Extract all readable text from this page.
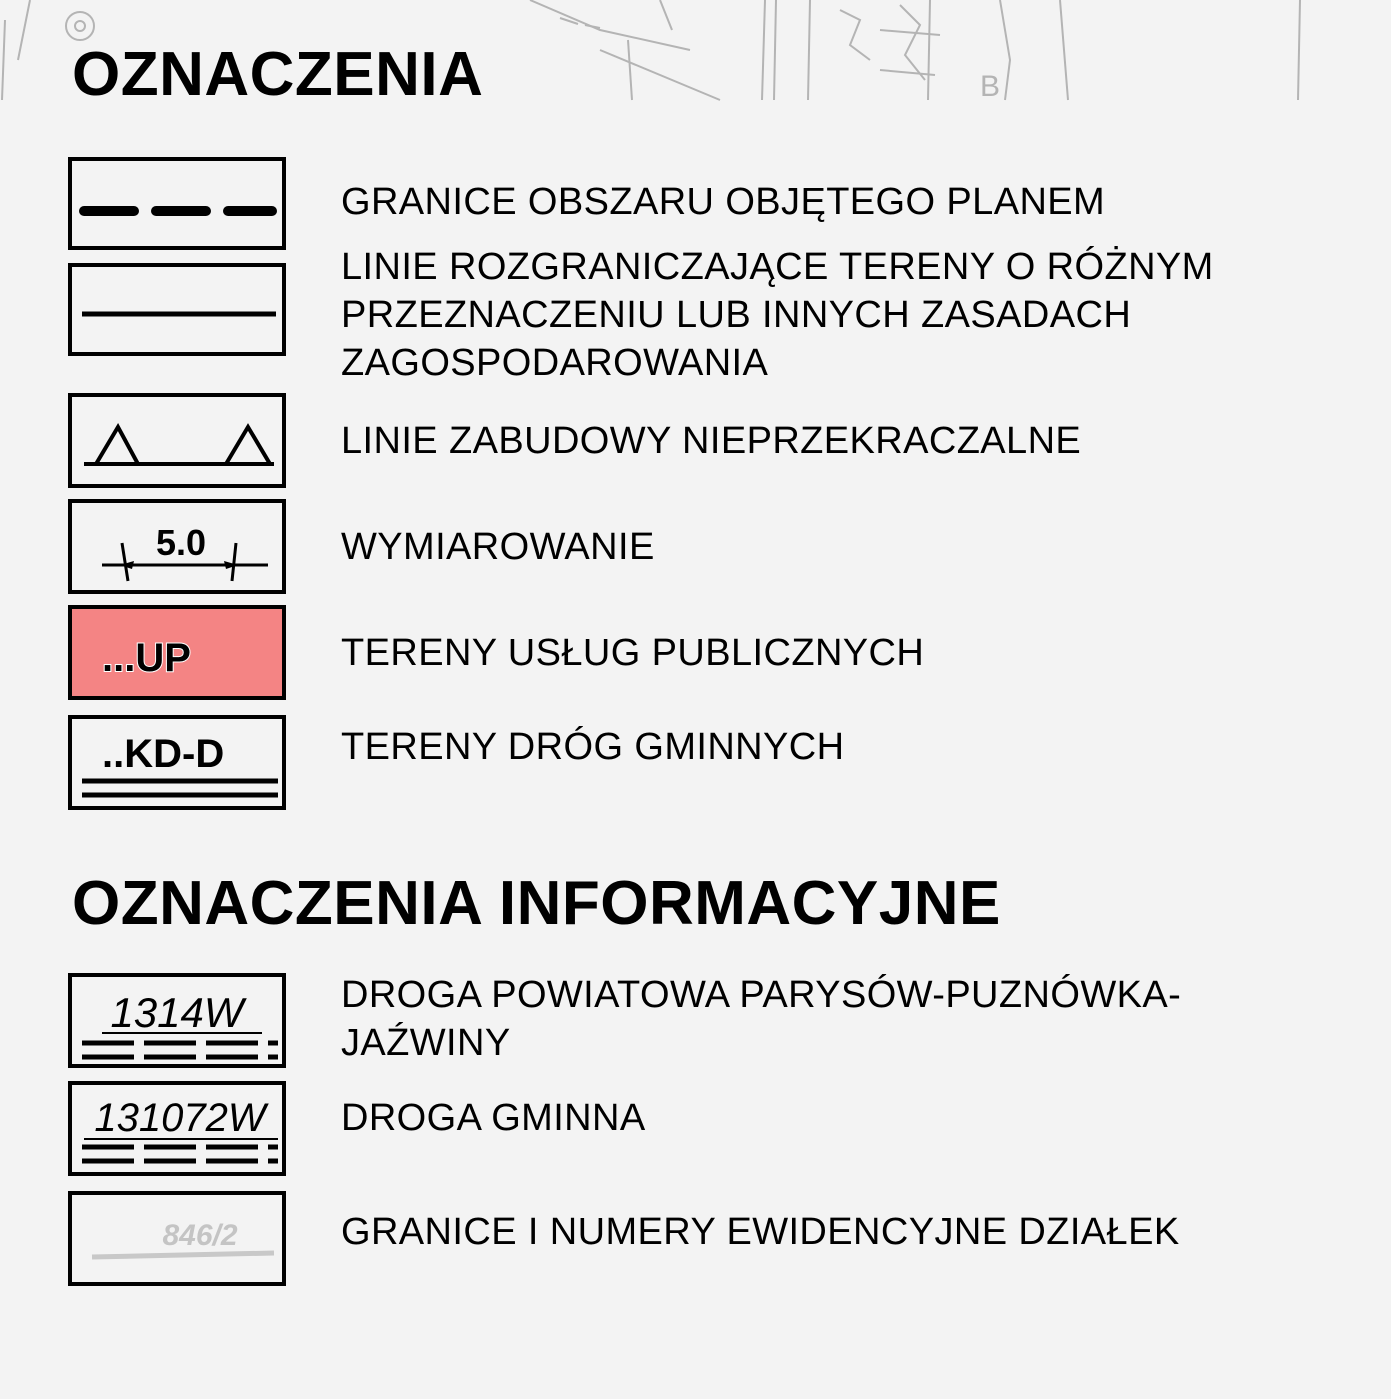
B
OZNACZENIA
GRANICE OBSZARU OBJĘTEGO PLANEM
LINIE ROZGRANICZAJĄCE TERENY O RÓŻNYM PRZEZNACZENIU LUB INNYCH ZASADACH ZAGOSPODAROWANIA
LINIE ZABUDOWY NIEPRZEKRACZALNE
5.0	WYMIAROWANIE
...UP	TERENY USŁUG PUBLICZNYCH
..KD-D	TERENY DRÓG GMINNYCH
OZNACZENIA INFORMACYJNE
1314W	DROGA POWIATOWA PARYSÓW-PUZNÓWKA-JAŹWINY
131072W DROGA GMINNA
846/2	GRANICE I NUMERY EWIDENCYJNE DZIAŁEK
